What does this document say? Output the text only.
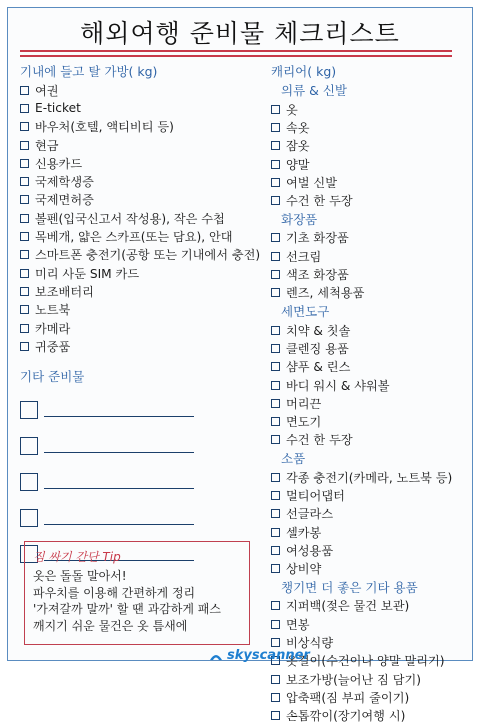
해외여행 준비물 체크리스트
기내에 들고 탈 가방( kg)
여권
E-ticket
바우처(호텔, 액티비티 등)
현금
신용카드
국제학생증
국제면허증
볼펜(입국신고서 작성용), 작은 수첩
목베개, 얇은 스카프(또는 담요), 안대
스마트폰 충전기(공항 또는 기내에서 충전)
미리 사둔 SIM 카드
보조배터리
노트북
카메라
귀중품
기타 준비물
캐리어( kg)
의류 & 신발
옷
속옷
잠옷
양말
여벌 신발
수건 한 두장
화장품
기초 화장품
선크림
색조 화장품
렌즈, 세척용품
세면도구
치약 & 칫솔
클렌징 용품
샴푸 & 린스
바디 워시 & 샤워볼
머리끈
면도기
수건 한 두장
소품
각종 충전기(카메라, 노트북 등)
멀티어댑터
선글라스
셀카봉
여성용품
상비약
챙기면 더 좋은 기타 용품
지퍼백(젖은 물건 보관)
면봉
비상식량
옷걸이(수건이나 양말 말리기)
보조가방(늘어난 짐 담기)
압축팩(짐 부피 줄이기)
손톱깎이(장기여행 시)
짐 싸기 간단 Tip
옷은 돌돌 말아서!
파우치를 이용해 간편하게 정리
'가져갈까 말까' 할 땐 과감하게 패스
깨지기 쉬운 물건은 옷 틈새에
skyscanner
